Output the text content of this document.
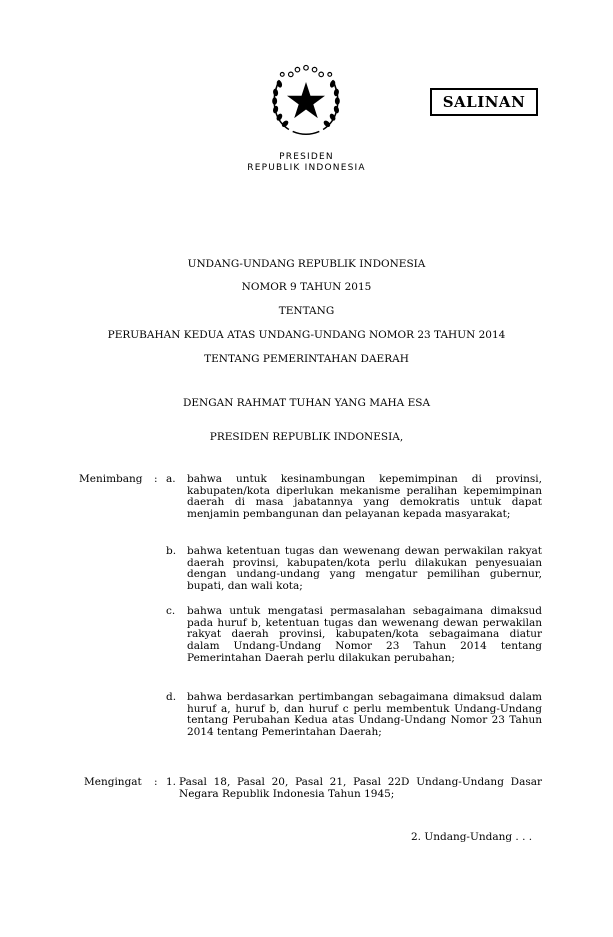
PRESIDEN
REPUBLIK INDONESIA
SALINAN
UNDANG-UNDANG REPUBLIK INDONESIA
NOMOR 9 TAHUN 2015
TENTANG
PERUBAHAN KEDUA ATAS UNDANG-UNDANG NOMOR 23 TAHUN 2014
TENTANG PEMERINTAHAN DAERAH
DENGAN RAHMAT TUHAN YANG MAHA ESA
PRESIDEN REPUBLIK INDONESIA,
Menimbang : a. bahwa untuk kesinambungan kepemimpinan di provinsi, kabupaten/kota diperlukan mekanisme peralihan kepemimpinan daerah di masa jabatannya yang demokratis untuk dapat menjamin pembangunan dan pelayanan kepada masyarakat;

b. bahwa ketentuan tugas dan wewenang dewan perwakilan rakyat daerah provinsi, kabupaten/kota perlu dilakukan penyesuaian dengan undang-undang yang mengatur pemilihan gubernur, bupati, dan wali kota;

c. bahwa untuk mengatasi permasalahan sebagaimana dimaksud pada huruf b, ketentuan tugas dan wewenang dewan perwakilan rakyat daerah provinsi, kabupaten/kota sebagaimana diatur dalam Undang-Undang Nomor 23 Tahun 2014 tentang Pemerintahan Daerah perlu dilakukan perubahan;

d. bahwa berdasarkan pertimbangan sebagaimana dimaksud dalam huruf a, huruf b, dan huruf c perlu membentuk Undang-Undang tentang Perubahan Kedua atas Undang-Undang Nomor 23 Tahun 2014 tentang Pemerintahan Daerah;

Mengingat : 1. Pasal 18, Pasal 20, Pasal 21, Pasal 22D Undang-Undang Dasar Negara Republik Indonesia Tahun 1945;

2. Undang-Undang . . .
